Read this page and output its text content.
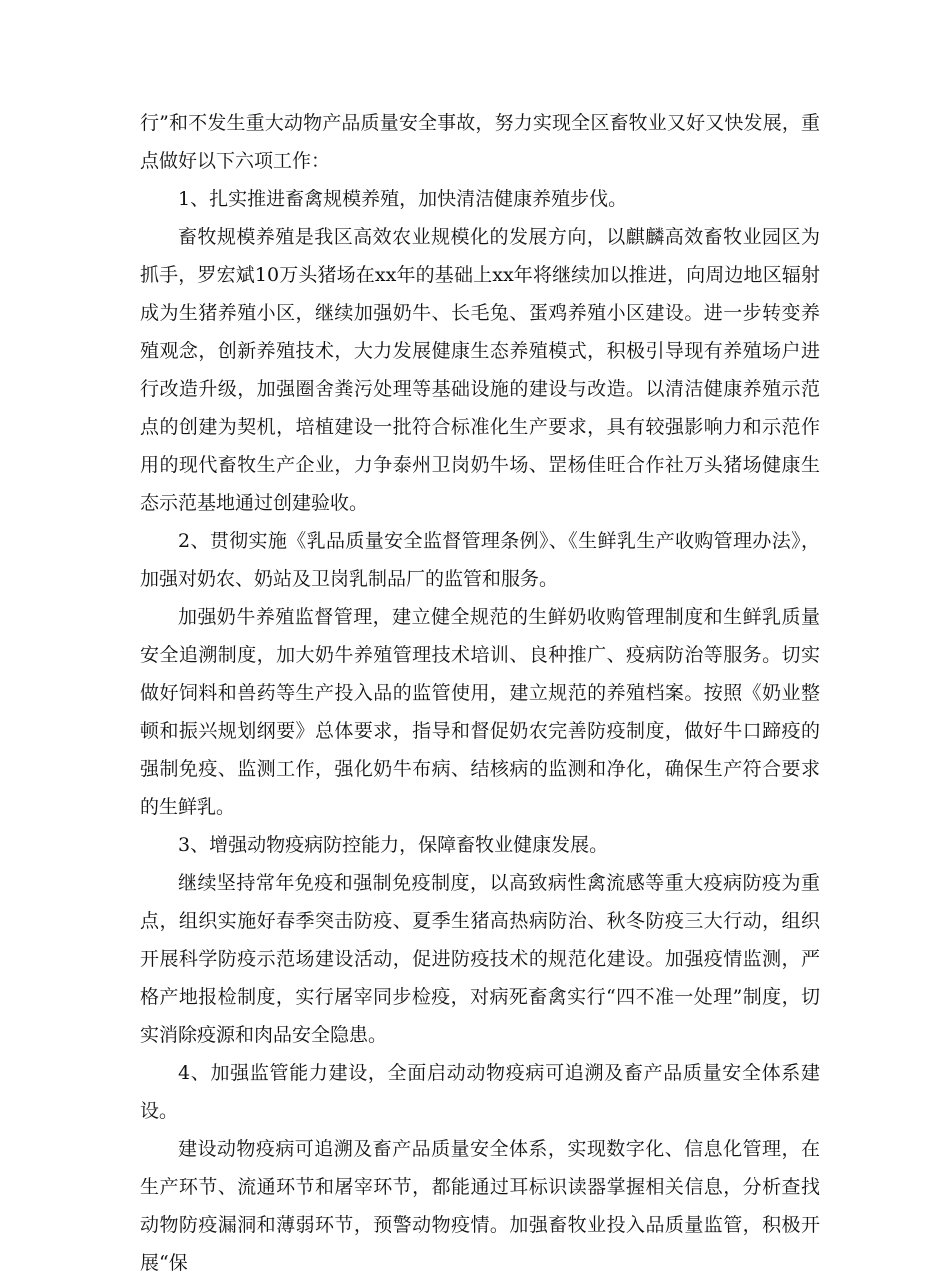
行”和不发生重大动物产品质量安全事故，努力实现全区畜牧业又好又快发展，重点做好以下六项工作：

1、扎实推进畜禽规模养殖，加快清洁健康养殖步伐。

畜牧规模养殖是我区高效农业规模化的发展方向，以麒麟高效畜牧业园区为抓手，罗宏斌10万头猪场在xx年的基础上xx年将继续加以推进，向周边地区辐射成为生猪养殖小区，继续加强奶牛、长毛兔、蛋鸡养殖小区建设。进一步转变养殖观念，创新养殖技术，大力发展健康生态养殖模式，积极引导现有养殖场户进行改造升级，加强圈舍粪污处理等基础设施的建设与改造。以清洁健康养殖示范点的创建为契机，培植建设一批符合标准化生产要求，具有较强影响力和示范作用的现代畜牧生产企业，力争泰州卫岗奶牛场、罡杨佳旺合作社万头猪场健康生态示范基地通过创建验收。

2、贯彻实施《乳品质量安全监督管理条例》、《生鲜乳生产收购管理办法》，加强对奶农、奶站及卫岗乳制品厂的监管和服务。

加强奶牛养殖监督管理，建立健全规范的生鲜奶收购管理制度和生鲜乳质量安全追溯制度，加大奶牛养殖管理技术培训、良种推广、疫病防治等服务。切实做好饲料和兽药等生产投入品的监管使用，建立规范的养殖档案。按照《奶业整顿和振兴规划纲要》总体要求，指导和督促奶农完善防疫制度，做好牛口蹄疫的强制免疫、监测工作，强化奶牛布病、结核病的监测和净化，确保生产符合要求的生鲜乳。

3、增强动物疫病防控能力，保障畜牧业健康发展。

继续坚持常年免疫和强制免疫制度，以高致病性禽流感等重大疫病防疫为重点，组织实施好春季突击防疫、夏季生猪高热病防治、秋冬防疫三大行动，组织开展科学防疫示范场建设活动，促进防疫技术的规范化建设。加强疫情监测，严格产地报检制度，实行屠宰同步检疫，对病死畜禽实行“四不准一处理”制度，切实消除疫源和肉品安全隐患。

4、加强监管能力建设，全面启动动物疫病可追溯及畜产品质量安全体系建设。

建设动物疫病可追溯及畜产品质量安全体系，实现数字化、信息化管理，在生产环节、流通环节和屠宰环节，都能通过耳标识读器掌握相关信息，分析查找动物防疫漏洞和薄弱环节，预警动物疫情。加强畜牧业投入品质量监管，积极开展“保
